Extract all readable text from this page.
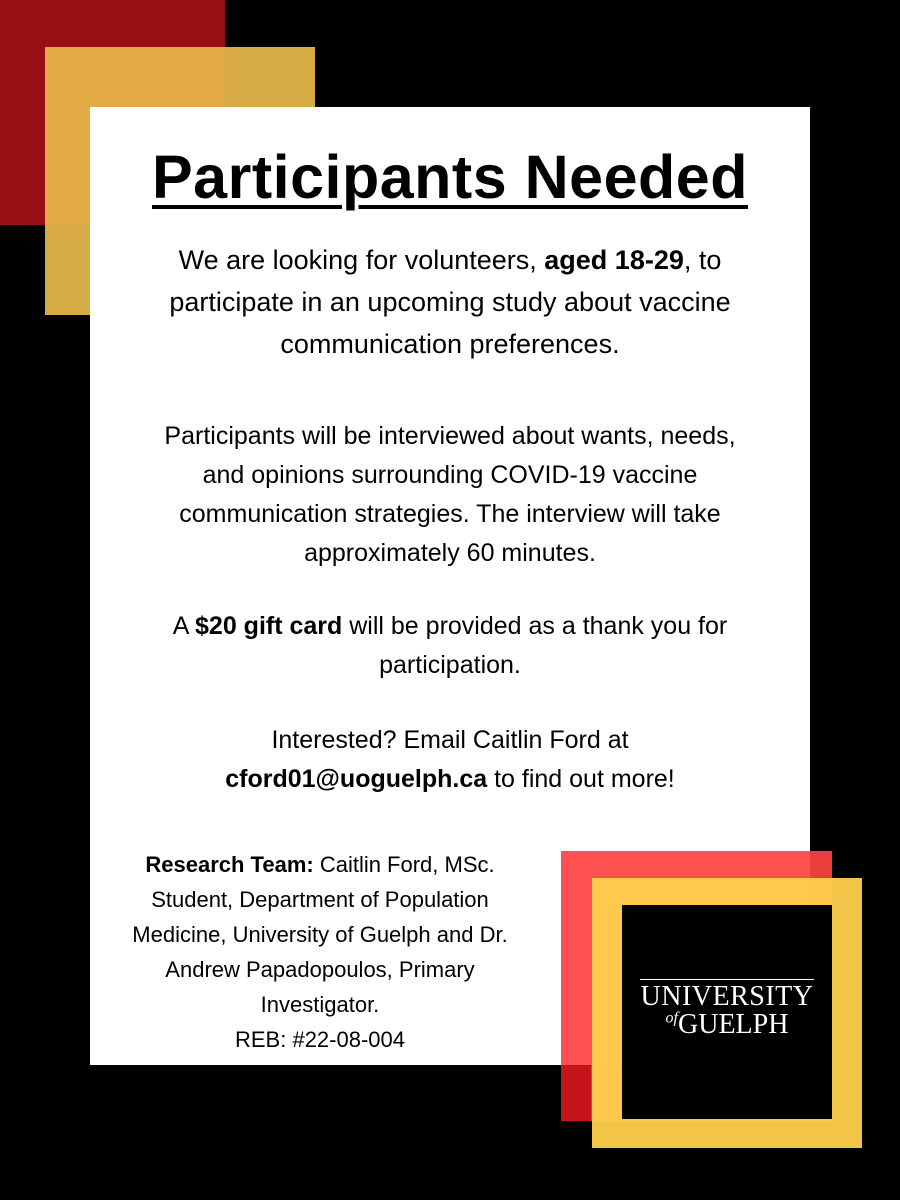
Participants Needed
We are looking for volunteers, aged 18-29, to participate in an upcoming study about vaccine communication preferences.
Participants will be interviewed about wants, needs, and opinions surrounding COVID-19 vaccine communication strategies. The interview will take approximately 60 minutes.
A $20 gift card will be provided as a thank you for participation.
Interested? Email Caitlin Ford at
cford01@uoguelph.ca to find out more!
Research Team: Caitlin Ford, MSc. Student, Department of Population Medicine, University of Guelph and Dr. Andrew Papadopoulos, Primary Investigator.
REB: #22-08-004
UNIVERSITY
$^{of}$GUELPH
